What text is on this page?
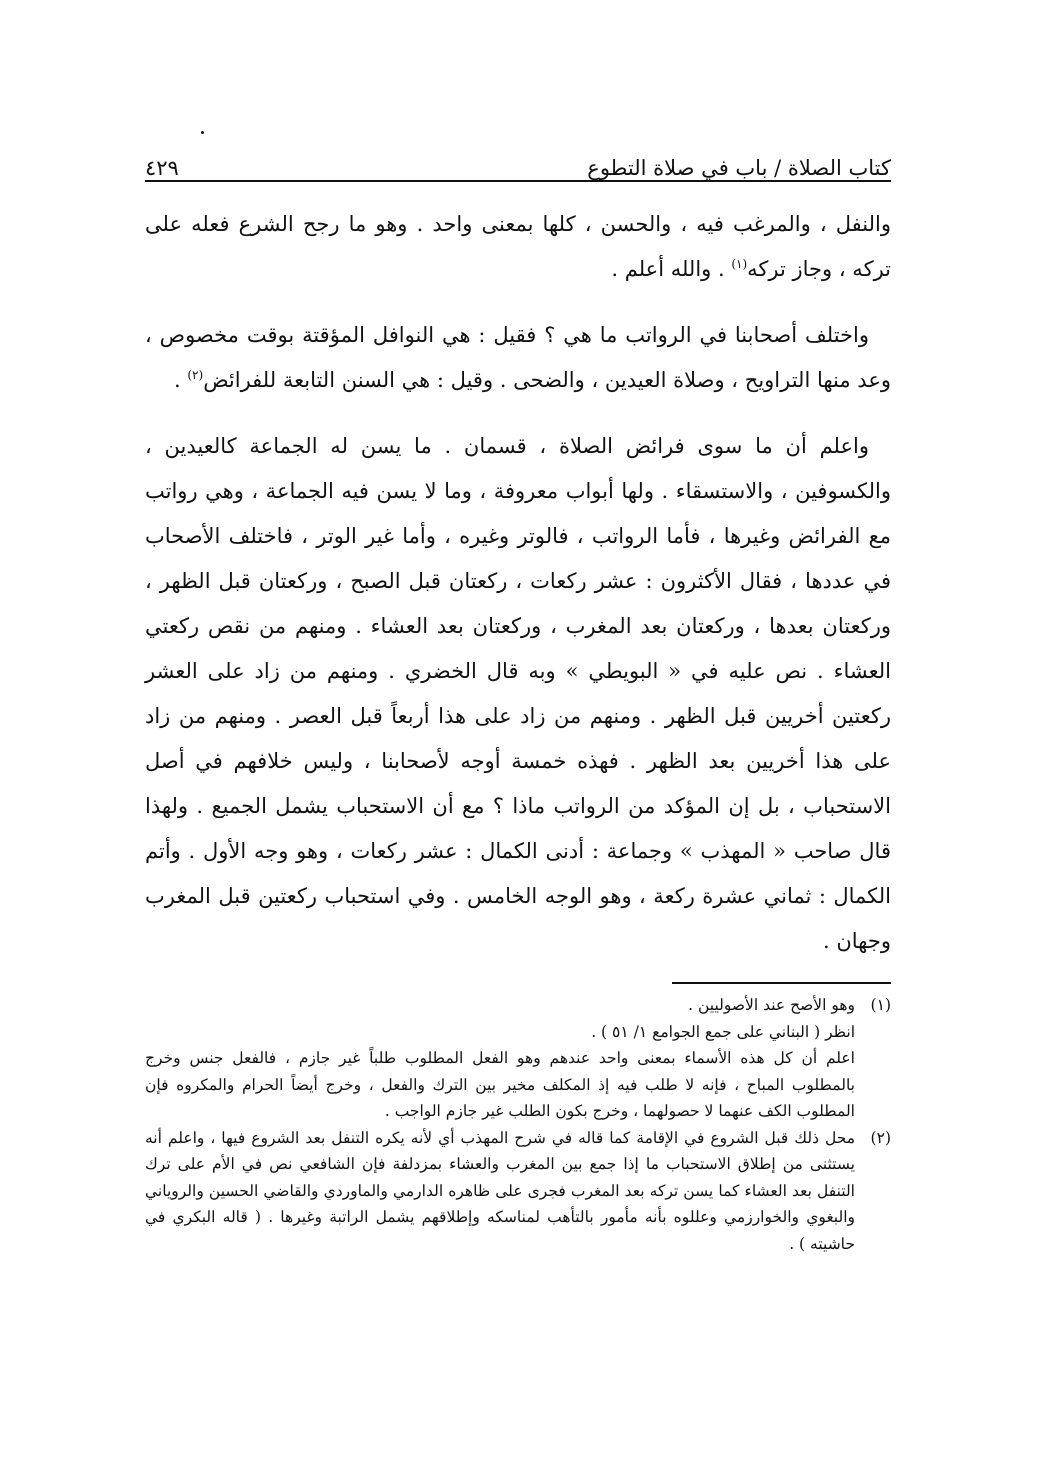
كتاب الصلاة / باب في صلاة التطوع
٤٢٩

والنفل ، والمرغب فيه ، والحسن ، كلها بمعنى واحد . وهو ما رجح الشرع فعله على تركه ، وجاز تركه$^{(١)}$ . والله أعلم .

واختلف أصحابنا في الرواتب ما هي ؟ فقيل : هي النوافل المؤقتة بوقت مخصوص ، وعد منها التراويح ، وصلاة العيدين ، والضحى . وقيل : هي السنن التابعة للفرائض$^{(٢)}$ .

واعلم أن ما سوى فرائض الصلاة ، قسمان . ما يسن له الجماعة كالعيدين ، والكسوفين ، والاستسقاء . ولها أبواب معروفة ، وما لا يسن فيه الجماعة ، وهي رواتب مع الفرائض وغيرها ، فأما الرواتب ، فالوتر وغيره ، وأما غير الوتر ، فاختلف الأصحاب في عددها ، فقال الأكثرون : عشر ركعات ، ركعتان قبل الصبح ، وركعتان قبل الظهر ، وركعتان بعدها ، وركعتان بعد المغرب ، وركعتان بعد العشاء . ومنهم من نقص ركعتي العشاء . نص عليه في « البويطي » وبه قال الخضري . ومنهم من زاد على العشر ركعتين أخريين قبل الظهر . ومنهم من زاد على هذا أربعاً قبل العصر . ومنهم من زاد على هذا أخريين بعد الظهر . فهذه خمسة أوجه لأصحابنا ، وليس خلافهم في أصل الاستحباب ، بل إن المؤكد من الرواتب ماذا ؟ مع أن الاستحباب يشمل الجميع . ولهذا قال صاحب « المهذب » وجماعة : أدنى الكمال : عشر ركعات ، وهو وجه الأول . وأتم الكمال : ثماني عشرة ركعة ، وهو الوجه الخامس . وفي استحباب ركعتين قبل المغرب وجهان .

(١)
وهو الأصح عند الأصوليين .
انظر ( البناني على جمع الجوامع ١/ ٥١ ) .
اعلم أن كل هذه الأسماء بمعنى واحد عندهم وهو الفعل المطلوب طلباً غير جازم ، فالفعل جنس وخرج بالمطلوب المباح ، فإنه لا طلب فيه إذ المكلف مخير بين الترك والفعل ، وخرج أيضاً الحرام والمكروه فإن المطلوب الكف عنهما لا حصولهما ، وخرج بكون الطلب غير جازم الواجب .
(٢)
محل ذلك قبل الشروع في الإقامة كما قاله في شرح المهذب أي لأنه يكره التنفل بعد الشروع فيها ، واعلم أنه يستثنى من إطلاق الاستحباب ما إذا جمع بين المغرب والعشاء بمزدلفة فإن الشافعي نص في الأم على ترك التنفل بعد العشاء كما يسن تركه بعد المغرب فجرى على ظاهره الدارمي والماوردي والقاضي الحسين والروياني والبغوي والخوارزمي وعللوه بأنه مأمور بالتأهب لمناسكه وإطلاقهم يشمل الراتبة وغيرها . ( قاله البكري في حاشيته ) .
